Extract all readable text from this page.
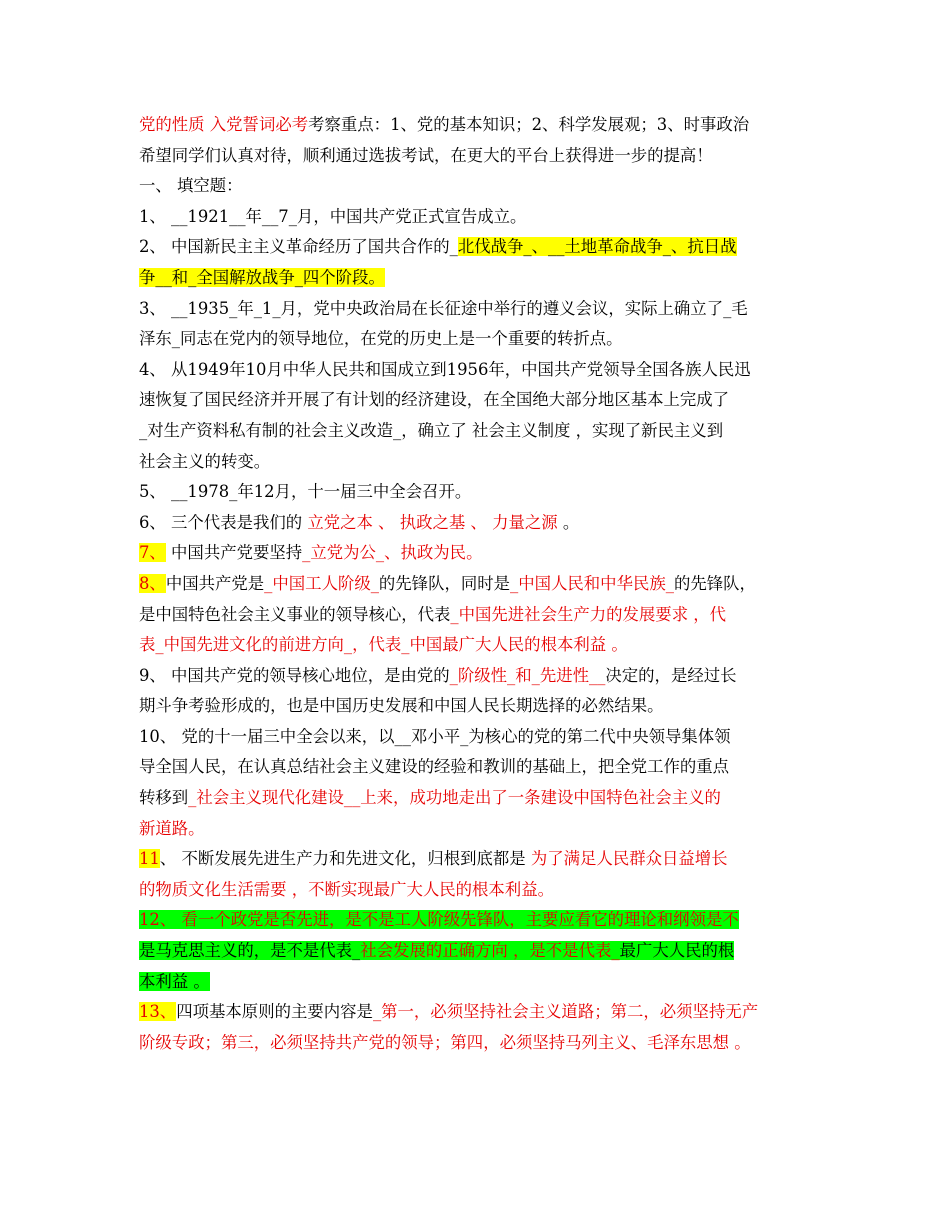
党的性质 入党誓词必考考察重点：1、党的基本知识；2、科学发展观；3、时事政治
希望同学们认真对待，顺利通过选拔考试，在更大的平台上获得进一步的提高！
一、 填空题：
1、 __1921__年__7_月，中国共产党正式宣告成立。
2、 中国新民主主义革命经历了国共合作的_北伐战争_、__土地革命战争_、抗日战
争__和_全国解放战争_四个阶段。
3、 __1935_年_1_月，党中央政治局在长征途中举行的遵义会议，实际上确立了_毛
泽东_同志在党内的领导地位，在党的历史上是一个重要的转折点。
4、 从1949年10月中华人民共和国成立到1956年，中国共产党领导全国各族人民迅
速恢复了国民经济并开展了有计划的经济建设，在全国绝大部分地区基本上完成了
_对生产资料私有制的社会主义改造_，确立了 社会主义制度 ，实现了新民主义到
社会主义的转变。
5、 __1978_年12月，十一届三中全会召开。
6、 三个代表是我们的 立党之本 、 执政之基 、 力量之源 。
7、 中国共产党要坚持_立党为公_、执政为民。
8、中国共产党是_中国工人阶级_的先锋队，同时是_中国人民和中华民族_的先锋队，
是中国特色社会主义事业的领导核心，代表_中国先进社会生产力的发展要求 ，代
表_中国先进文化的前进方向_，代表_中国最广大人民的根本利益 。
9、 中国共产党的领导核心地位，是由党的_阶级性_和_先进性__决定的，是经过长
期斗争考验形成的，也是中国历史发展和中国人民长期选择的必然结果。
10、 党的十一届三中全会以来，以__邓小平_为核心的党的第二代中央领导集体领
导全国人民，在认真总结社会主义建设的经验和教训的基础上，把全党工作的重点
转移到_社会主义现代化建设__上来，成功地走出了一条建设中国特色社会主义的
新道路。
11、 不断发展先进生产力和先进文化，归根到底都是 为了满足人民群众日益增长
的物质文化生活需要 ，不断实现最广大人民的根本利益。
12、 看一个政党是否先进，是不是工人阶级先锋队，主要应看它的理论和纲领是不
是马克思主义的，是不是代表_社会发展的正确方向 ，是不是代表_最广大人民的根
本利益 。
13、四项基本原则的主要内容是_第一，必须坚持社会主义道路；第二，必须坚持无产
阶级专政；第三，必须坚持共产党的领导；第四，必须坚持马列主义、毛泽东思想 。
